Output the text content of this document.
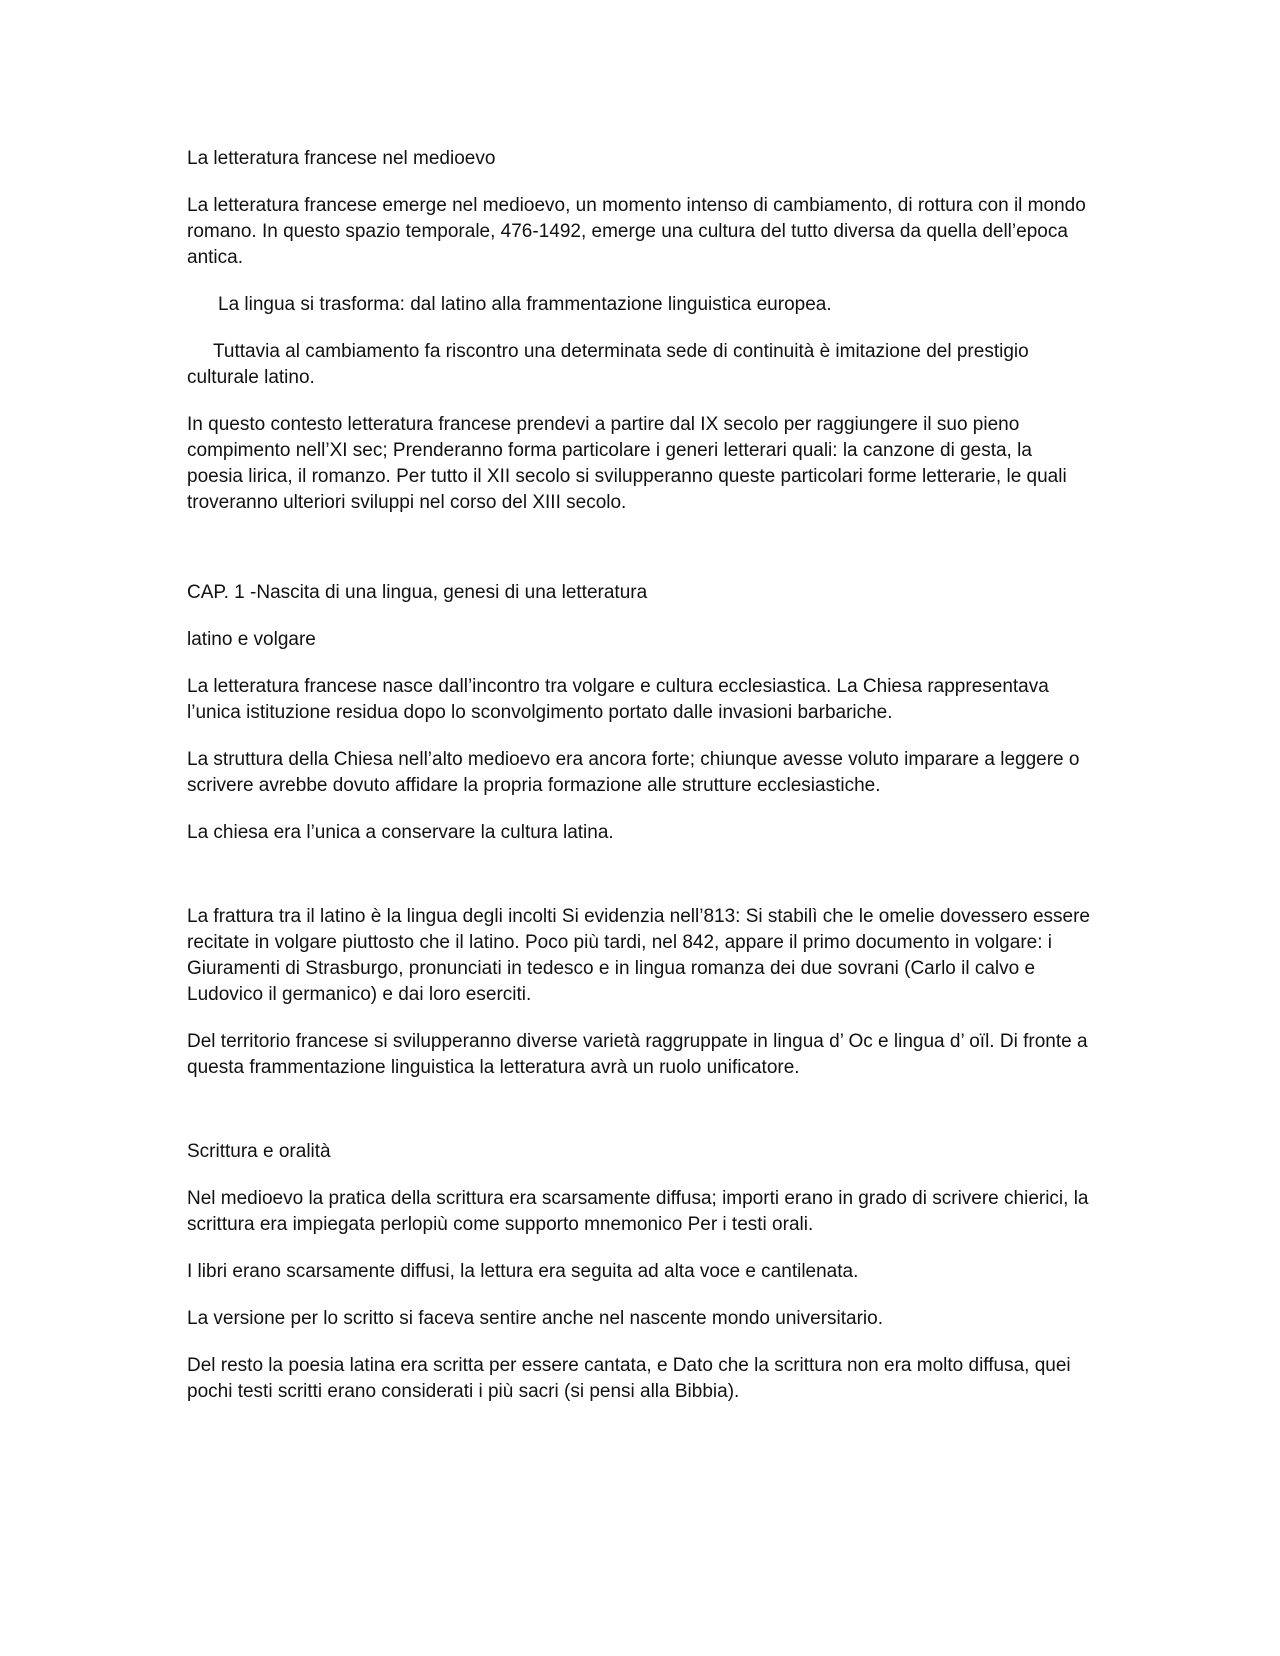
La letteratura francese nel medioevo

La letteratura francese emerge nel medioevo, un momento intenso di cambiamento, di rottura con il mondo romano. In questo spazio temporale, 476-1492, emerge una cultura del tutto diversa da quella dell’epoca antica.

La lingua si trasforma: dal latino alla frammentazione linguistica europea.

Tuttavia al cambiamento fa riscontro una determinata sede di continuità è imitazione del prestigio culturale latino.

In questo contesto letteratura francese prendevi a partire dal IX secolo per raggiungere il suo pieno compimento nell’XI sec; Prenderanno forma particolare i generi letterari quali: la canzone di gesta, la poesia lirica, il romanzo. Per tutto il XII secolo si svilupperanno queste particolari forme letterarie, le quali troveranno ulteriori sviluppi nel corso del XIII secolo.

CAP. 1 -Nascita di una lingua, genesi di una letteratura

latino e volgare

La letteratura francese nasce dall’incontro tra volgare e cultura ecclesiastica. La Chiesa rappresentava l’unica istituzione residua dopo lo sconvolgimento portato dalle invasioni barbariche.

La struttura della Chiesa nell’alto medioevo era ancora forte; chiunque avesse voluto imparare a leggere o scrivere avrebbe dovuto affidare la propria formazione alle strutture ecclesiastiche.

La chiesa era l’unica a conservare la cultura latina.

La frattura tra il latino è la lingua degli incolti Si evidenzia nell’813: Si stabilì che le omelie dovessero essere recitate in volgare piuttosto che il latino. Poco più tardi, nel 842, appare il primo documento in volgare: i Giuramenti di Strasburgo, pronunciati in tedesco e in lingua romanza dei due sovrani (Carlo il calvo e Ludovico il germanico) e dai loro eserciti.

Del territorio francese si svilupperanno diverse varietà raggruppate in lingua d’ Oc e lingua d’ oïl. Di fronte a questa frammentazione linguistica la letteratura avrà un ruolo unificatore.

Scrittura e oralità

Nel medioevo la pratica della scrittura era scarsamente diffusa; importi erano in grado di scrivere chierici, la scrittura era impiegata perlopiù come supporto mnemonico Per i testi orali.

I libri erano scarsamente diffusi, la lettura era seguita ad alta voce e cantilenata.

La versione per lo scritto si faceva sentire anche nel nascente mondo universitario.

Del resto la poesia latina era scritta per essere cantata, e Dato che la scrittura non era molto diffusa, quei pochi testi scritti erano considerati i più sacri (si pensi alla Bibbia).
